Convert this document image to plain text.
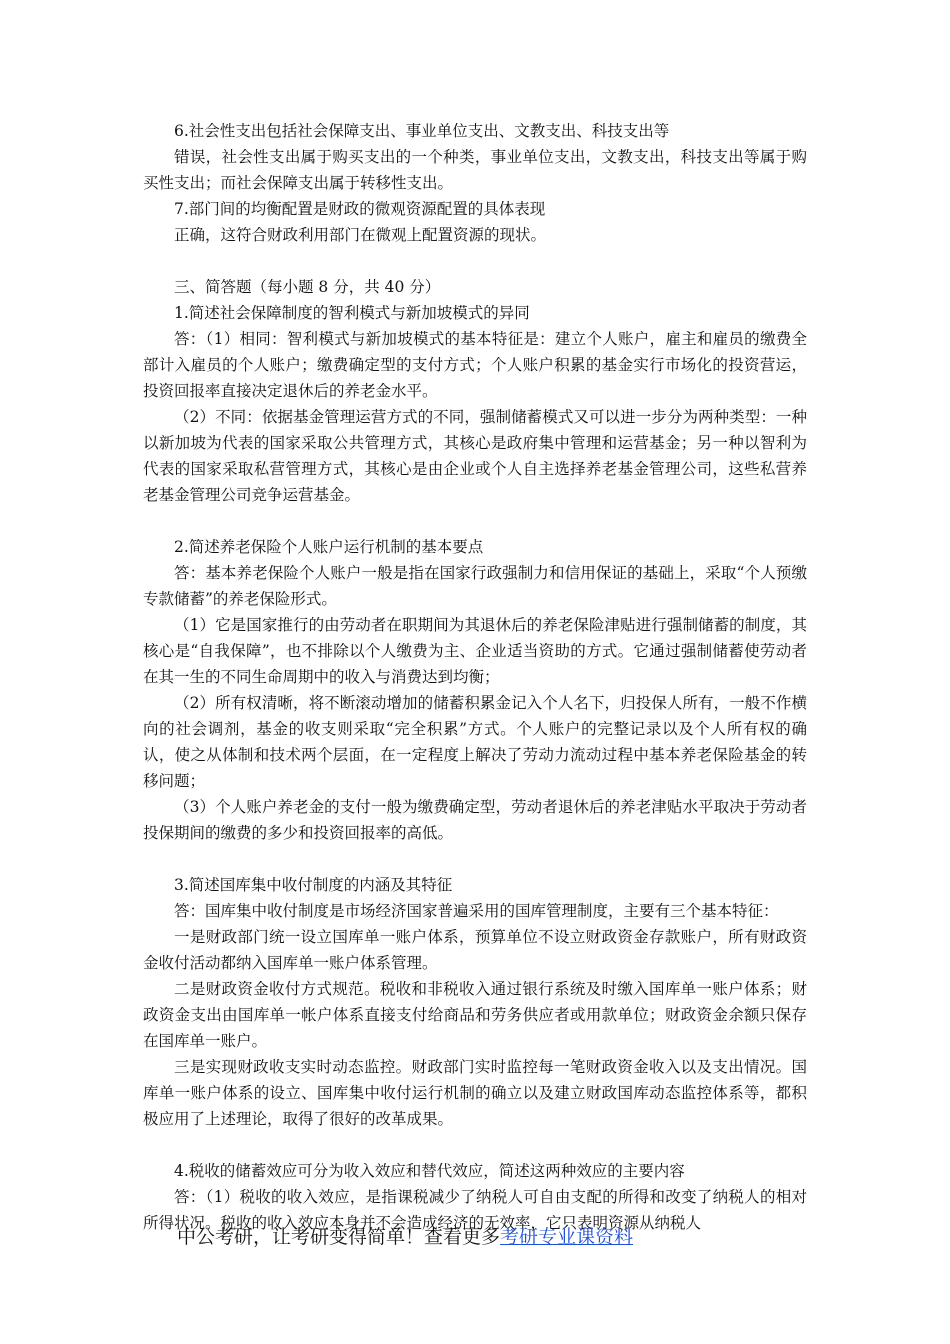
6.社会性支出包括社会保障支出、事业单位支出、文教支出、科技支出等
错误，社会性支出属于购买支出的一个种类，事业单位支出，文教支出，科技支出等属于购买性支出；而社会保障支出属于转移性支出。
7.部门间的均衡配置是财政的微观资源配置的具体表现
正确，这符合财政利用部门在微观上配置资源的现状。
三、简答题（每小题 8 分，共 40 分）
1.简述社会保障制度的智利模式与新加坡模式的异同
答：（1）相同：智利模式与新加坡模式的基本特征是：建立个人账户，雇主和雇员的缴费全部计入雇员的个人账户；缴费确定型的支付方式；个人账户积累的基金实行市场化的投资营运，投资回报率直接决定退休后的养老金水平。
（2）不同：依据基金管理运营方式的不同，强制储蓄模式又可以进一步分为两种类型：一种以新加坡为代表的国家采取公共管理方式，其核心是政府集中管理和运营基金；另一种以智利为代表的国家采取私营管理方式，其核心是由企业或个人自主选择养老基金管理公司，这些私营养老基金管理公司竞争运营基金。
2.简述养老保险个人账户运行机制的基本要点
答：基本养老保险个人账户一般是指在国家行政强制力和信用保证的基础上，采取“个人预缴专款储蓄”的养老保险形式。
（1）它是国家推行的由劳动者在职期间为其退休后的养老保险津贴进行强制储蓄的制度，其核心是“自我保障”，也不排除以个人缴费为主、企业适当资助的方式。它通过强制储蓄使劳动者在其一生的不同生命周期中的收入与消费达到均衡；
（2）所有权清晰，将不断滚动增加的储蓄积累金记入个人名下，归投保人所有，一般不作横向的社会调剂，基金的收支则采取“完全积累”方式。个人账户的完整记录以及个人所有权的确认，使之从体制和技术两个层面，在一定程度上解决了劳动力流动过程中基本养老保险基金的转移问题；
（3）个人账户养老金的支付一般为缴费确定型，劳动者退休后的养老津贴水平取决于劳动者投保期间的缴费的多少和投资回报率的高低。
3.简述国库集中收付制度的内涵及其特征
答：国库集中收付制度是市场经济国家普遍采用的国库管理制度，主要有三个基本特征：
一是财政部门统一设立国库单一账户体系，预算单位不设立财政资金存款账户，所有财政资金收付活动都纳入国库单一账户体系管理。
二是财政资金收付方式规范。税收和非税收入通过银行系统及时缴入国库单一账户体系；财政资金支出由国库单一帐户体系直接支付给商品和劳务供应者或用款单位；财政资金余额只保存在国库单一账户。
三是实现财政收支实时动态监控。财政部门实时监控每一笔财政资金收入以及支出情况。国库单一账户体系的设立、国库集中收付运行机制的确立以及建立财政国库动态监控体系等，都积极应用了上述理论，取得了很好的改革成果。
4.税收的储蓄效应可分为收入效应和替代效应，简述这两种效应的主要内容
答：（1）税收的收入效应，是指课税减少了纳税人可自由支配的所得和改变了纳税人的相对所得状况。税收的收入效应本身并不会造成经济的无效率，它只表明资源从纳税人
中公考研，让考研变得简单！查看更多考研专业课资料
